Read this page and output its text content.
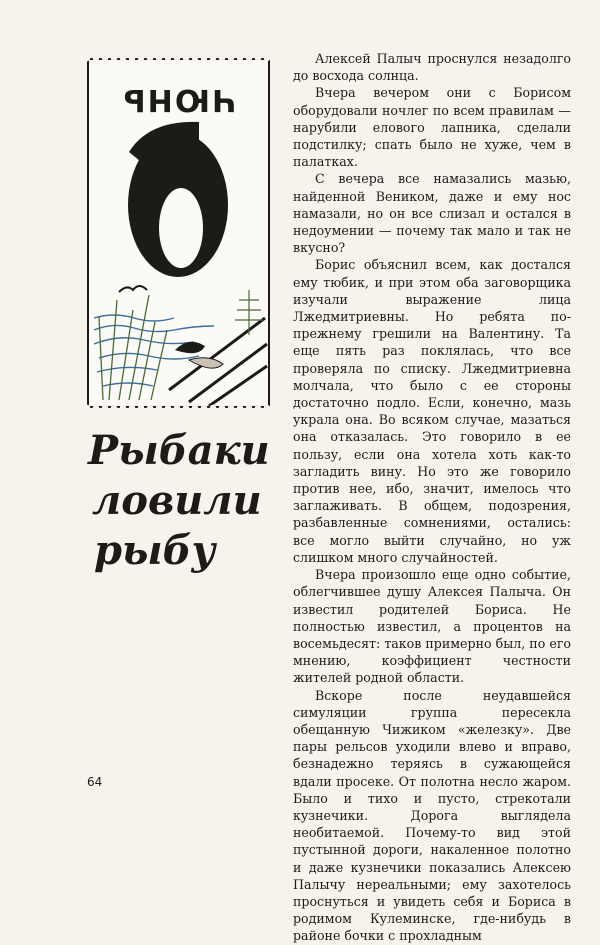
ЧЮНЬ
Рыбаки
ловили
рыбу

Алексей Палыч проснулся незадолго до восхода солнца.

Вчера вечером они с Борисом оборудовали ночлег по всем правилам — нарубили елового лапника, сделали подстилку; спать было не хуже, чем в палатках.

С вечера все намазались мазью, найденной Веником, даже и ему нос намазали, но он все слизал и остался в недоумении — почему так мало и так не вкусно?

Борис объяснил всем, как достался ему тюбик, и при этом оба заговорщика изучали выражение лица Лжедмитриевны. Но ребята по-прежнему грешили на Валентину. Та еще пять раз поклялась, что все проверяла по списку. Лжедмитриевна молчала, что было с ее стороны достаточно подло. Если, конечно, мазь украла она. Во всяком случае, мазаться она отказалась. Это говорило в ее пользу, если она хотела хоть как-то загладить вину. Но это же говорило против нее, ибо, значит, имелось что заглаживать. В общем, подозрения, разбавленные сомнениями, остались: все могло выйти случайно, но уж слишком много случайностей.

Вчера произошло еще одно событие, облегчившее душу Алексея Палыча. Он известил родителей Бориса. Не полностью известил, а процентов на восемьдесят: таков примерно был, по его мнению, коэффициент честности жителей родной области.

Вскоре после неудавшейся симуляции группа пересекла обещанную Чижиком «железку». Две пары рельсов уходили влево и вправо, безнадежно теряясь в сужающейся вдали просеке. От полотна несло жаром. Было и тихо и пусто, стрекотали кузнечики. Дорога выглядела необитаемой. Почему-то вид этой пустынной дороги, накаленное полотно и даже кузнечики показались Алексею Палычу нереальными; ему захотелось проснуться и увидеть себя и Бориса в родимом Кулеминске, где-нибудь в районе бочки с прохладным

64
